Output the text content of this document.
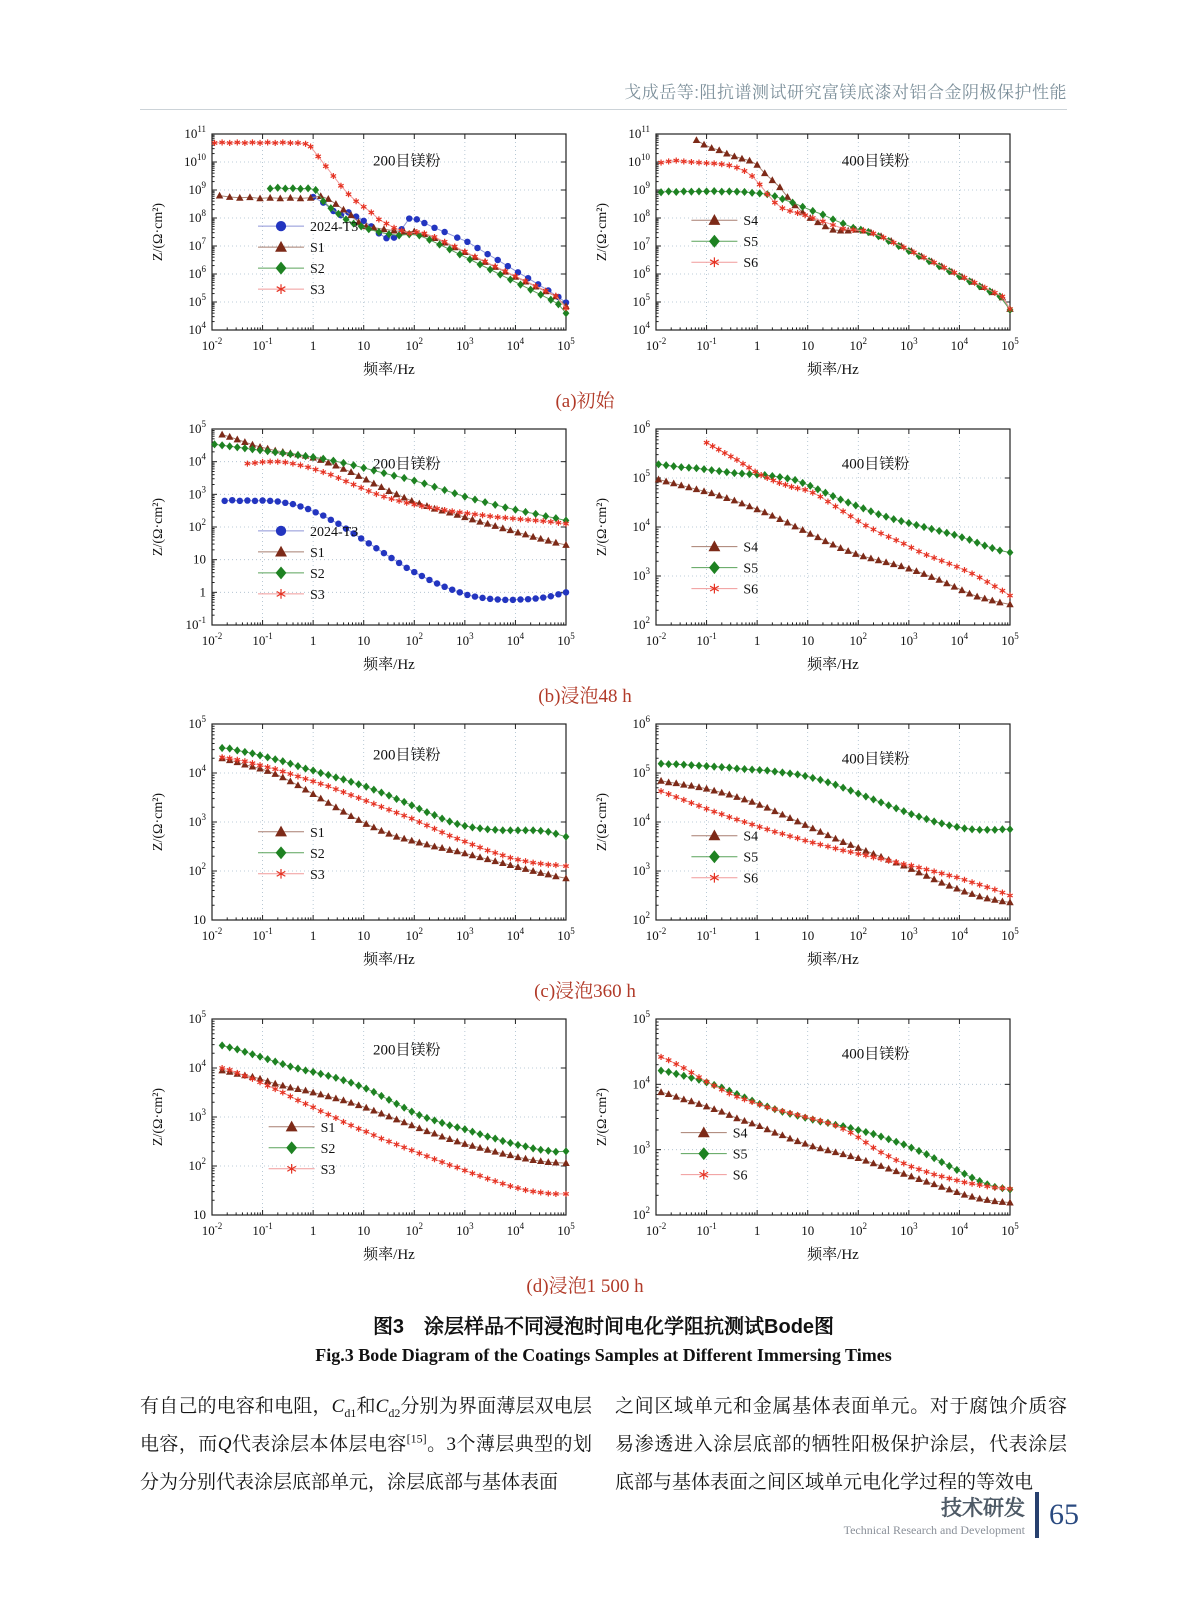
戈成岳等:阻抗谱测试研究富镁底漆对铝合金阴极保护性能
$10^{-2}$ $10^{-1}$	1	10	$10^2$	$10^3$	$10^4$	$10^5$
$10^4$
$10^5$
$10^6$
$10^7$
$10^8$
$10^9$
$10^{10}$
$10^{11}$
2024-T3
S1
S2
S3
200目镁粉
频率/Hz
Z/(Ω·cm²)
$10^{-2}$ $10^{-1}$	1	10	$10^2$	$10^3$	$10^4$	$10^5$
$10^4$
$10^5$
$10^6$
$10^7$
$10^8$
$10^9$
$10^{10}$
$10^{11}$
S4
S5
S6
400目镁粉
频率/Hz
Z/(Ω·cm²)
(a)初始
$10^{-2}$ $10^{-1}$	1	10	$10^2$	$10^3$	$10^4$	$10^5$
$10^{-1}$
1
10
$10^2$
$10^3$
$10^4$
$10^5$
2024-T3
S1
S2
S3
200目镁粉
频率/Hz
Z/(Ω·cm²)
$10^{-2}$ $10^{-1}$	1	10	$10^2$	$10^3$	$10^4$	$10^5$
$10^2$
$10^3$
$10^4$
$10^5$
$10^6$
S4
S5
S6
400目镁粉
频率/Hz
Z/(Ω·cm²)
(b)浸泡48 h
$10^{-2}$ $10^{-1}$	1	10	$10^2$	$10^3$	$10^4$	$10^5$
10
$10^2$
$10^3$
$10^4$
$10^5$
S1
S2
S3
200目镁粉
频率/Hz
Z/(Ω·cm²)
$10^{-2}$ $10^{-1}$	1	10	$10^2$	$10^3$	$10^4$	$10^5$
$10^2$
$10^3$
$10^4$
$10^5$
$10^6$
S4
S5
S6
400目镁粉
频率/Hz
Z/(Ω·cm²)
(c)浸泡360 h
$10^{-2}$ $10^{-1}$	1	10	$10^2$	$10^3$	$10^4$	$10^5$
10
$10^2$
$10^3$
$10^4$
$10^5$
S1
S2
S3
200目镁粉
频率/Hz
Z/(Ω·cm²)
$10^{-2}$ $10^{-1}$	1	10	$10^2$	$10^3$	$10^4$	$10^5$
$10^2$
$10^3$
$10^4$
$10^5$
S4
S5
S6
400目镁粉
频率/Hz
Z/(Ω·cm²)
(d)浸泡1 500 h
图3　涂层样品不同浸泡时间电化学阻抗测试Bode图
Fig.3 Bode Diagram of the Coatings Samples at Different Immersing Times
有自己的电容和电阻，$C_{d1}$和$C_{d2}$分别为界面薄层双电层电容，而Q代表涂层本体层电容[15]。3个薄层典型的划分为分别代表涂层底部单元，涂层底部与基体表面
之间区域单元和金属基体表面单元。对于腐蚀介质容易渗透进入涂层底部的牺牲阳极保护涂层，代表涂层底部与基体表面之间区域单元电化学过程的等效电
技术研发
Technical Research and Development 65
